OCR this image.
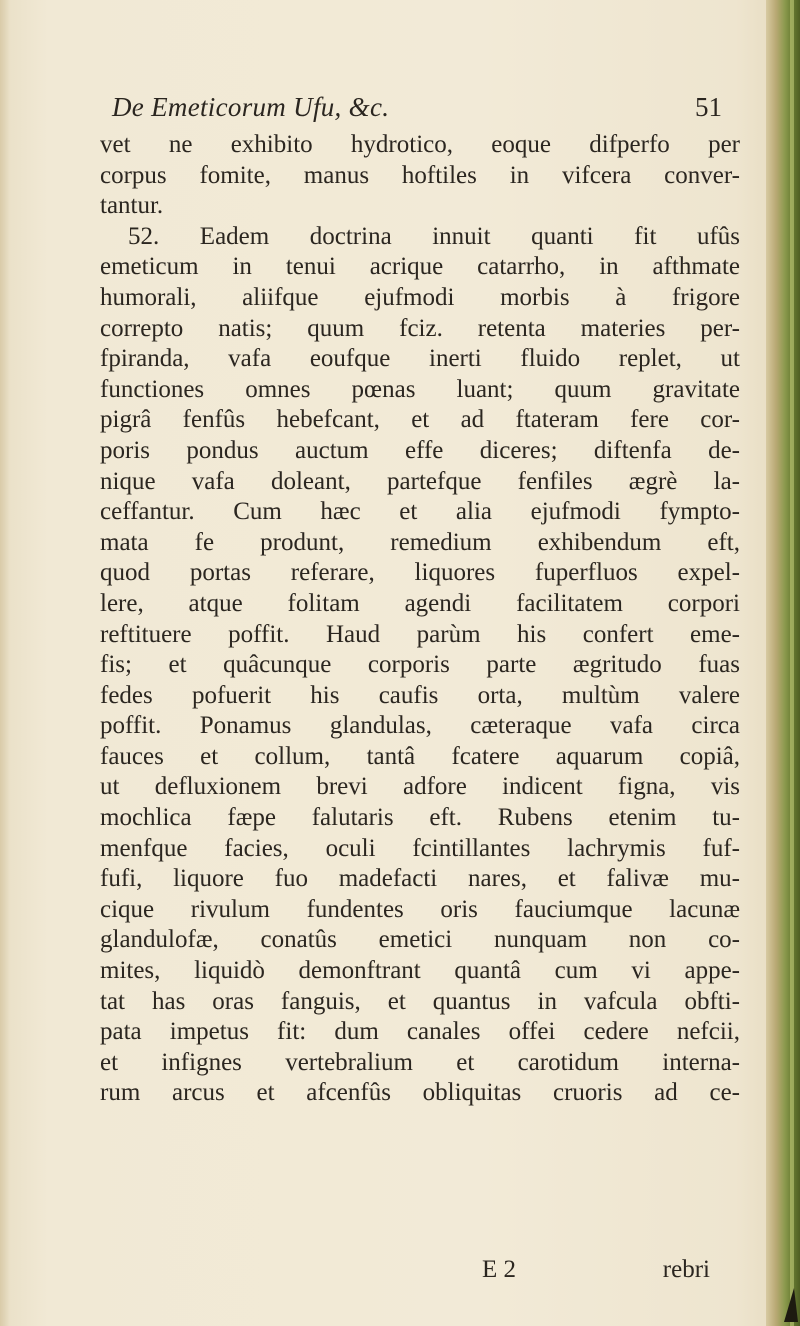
De Emeticorum Ufu, &c.	51
vet ne exhibito hydrotico, eoque difperfo per
corpus fomite, manus hoftiles in vifcera conver-
tantur.
52. Eadem doctrina innuit quanti fit ufûs
emeticum in tenui acrique catarrho, in afthmate
humorali, aliifque ejufmodi morbis à frigore
correpto natis; quum fciz. retenta materies per-
fpiranda, vafa eoufque inerti fluido replet, ut
functiones omnes pœnas luant; quum gravitate
pigrâ fenfûs hebefcant, et ad ftateram fere cor-
poris pondus auctum effe diceres; diftenfa de-
nique vafa doleant, partefque fenfiles ægrè la-
ceffantur. Cum hæc et alia ejufmodi fympto-
mata fe produnt, remedium exhibendum eft,
quod portas referare, liquores fuperfluos expel-
lere, atque folitam agendi facilitatem corpori
reftituere poffit. Haud parùm his confert eme-
fis; et quâcunque corporis parte ægritudo fuas
fedes pofuerit his caufis orta, multùm valere
poffit. Ponamus glandulas, cæteraque vafa circa
fauces et collum, tantâ fcatere aquarum copiâ,
ut defluxionem brevi adfore indicent figna, vis
mochlica fæpe falutaris eft. Rubens etenim tu-
menfque facies, oculi fcintillantes lachrymis fuf-
fufi, liquore fuo madefacti nares, et falivæ mu-
cique rivulum fundentes oris fauciumque lacunæ
glandulofæ, conatûs emetici nunquam non co-
mites, liquidò demonftrant quantâ cum vi appe-
tat has oras fanguis, et quantus in vafcula obfti-
pata impetus fit: dum canales offei cedere nefcii,
et infignes vertebralium et carotidum interna-
rum arcus et afcenfûs obliquitas cruoris ad ce-
E 2	rebri
